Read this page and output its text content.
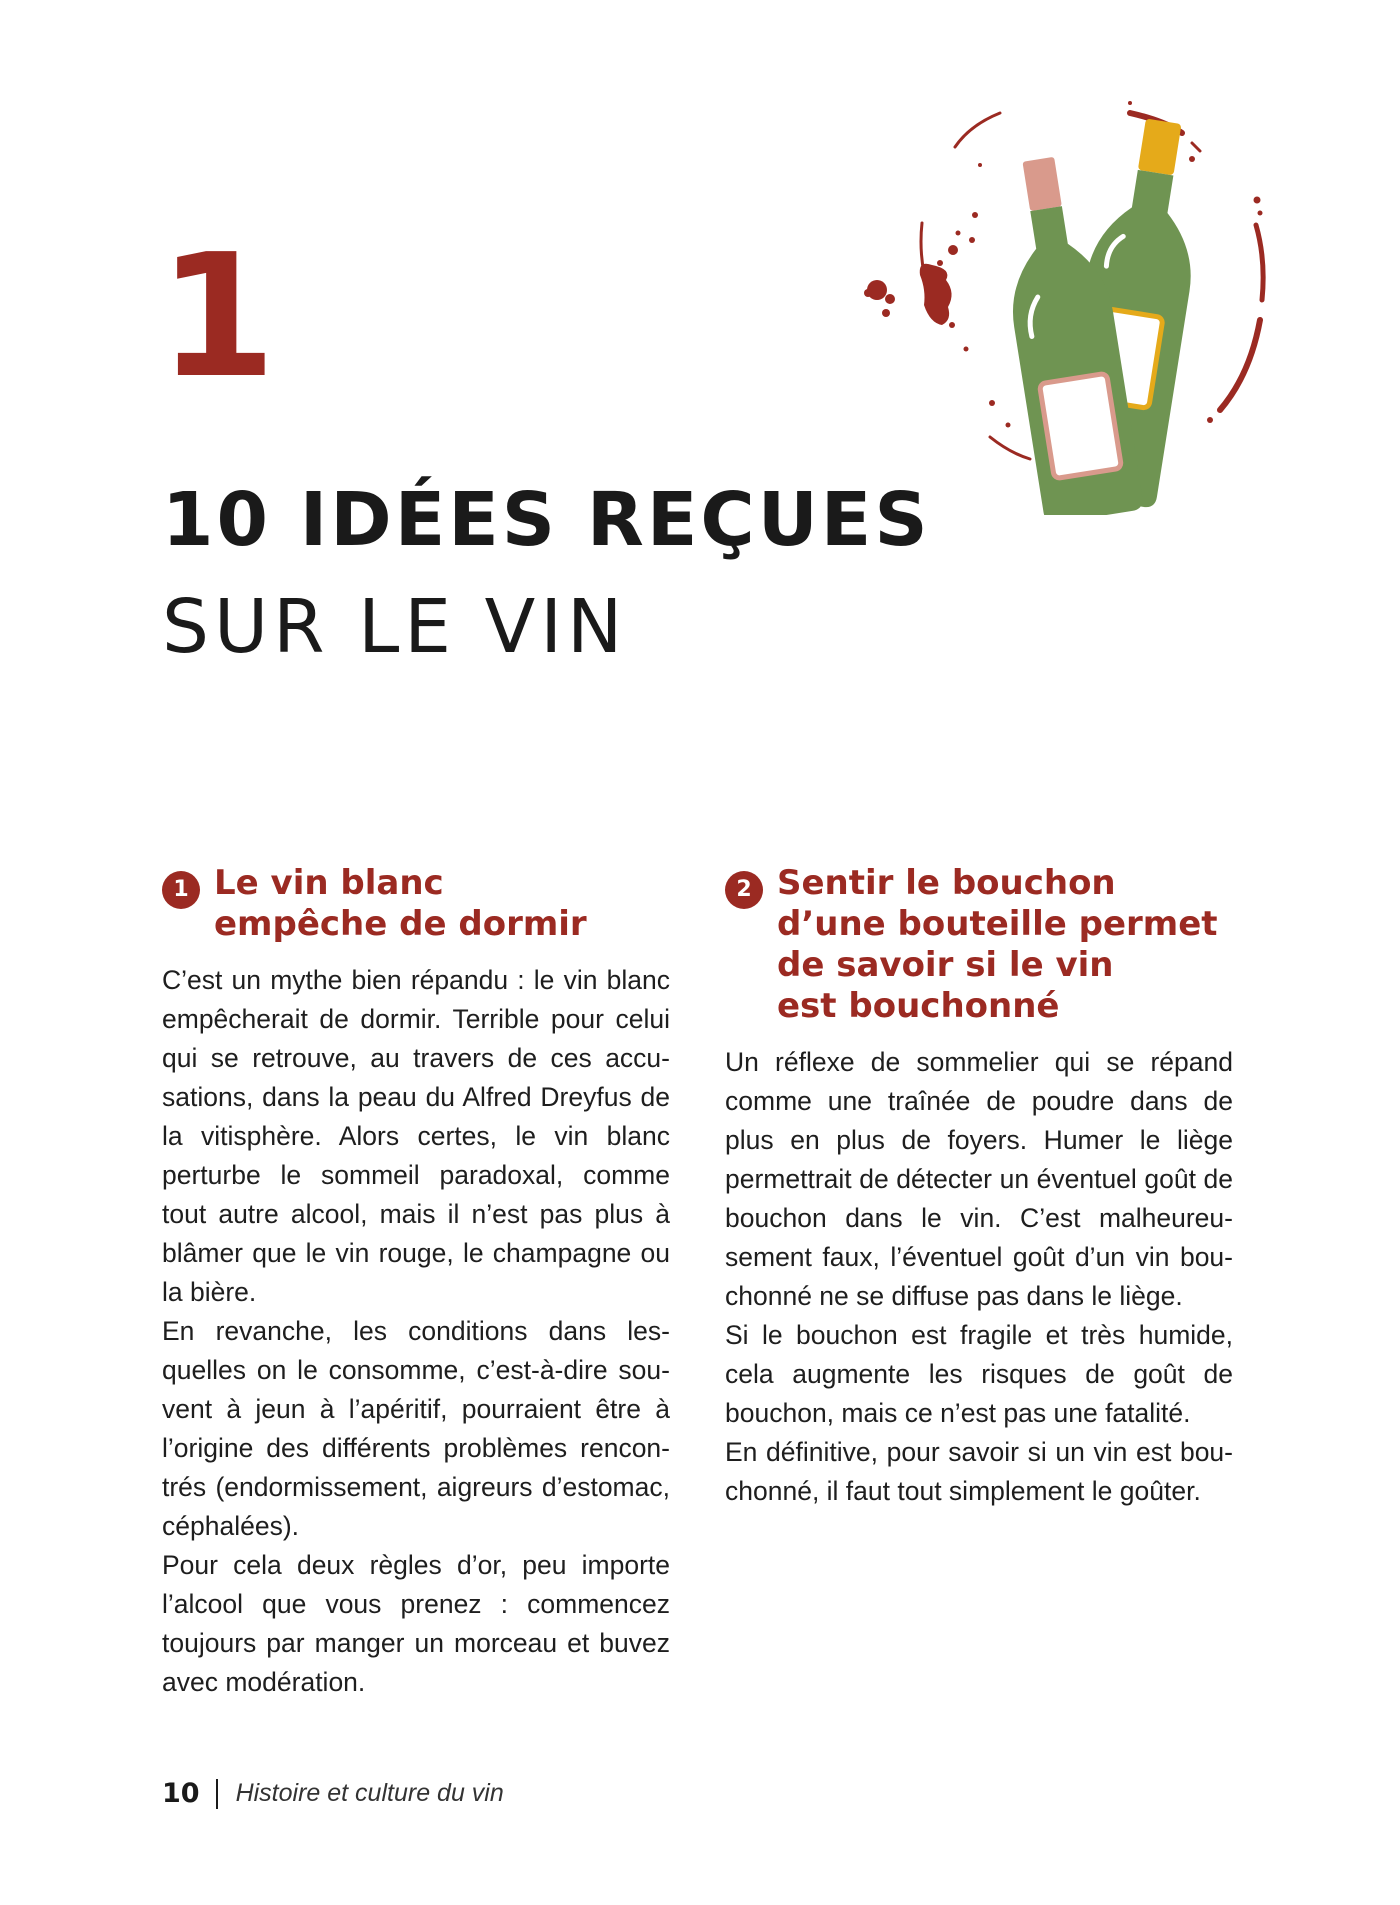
1
10 IDÉES REÇUES
SUR LE VIN
1 Le vin blanc
empêche de dormir

C’est un mythe bien répandu : le vin blanc empêcherait de dormir. Terrible pour celui qui se retrouve, au travers de ces accusations, dans la peau du Alfred Dreyfus de la vitisphère. Alors certes, le vin blanc perturbe le sommeil paradoxal, comme tout autre alcool, mais il n’est pas plus à blâmer que le vin rouge, le champagne ou la bière.

En revanche, les conditions dans lesquelles on le consomme, c’est-à-dire souvent à jeun à l’apéritif, pourraient être à l’origine des différents problèmes rencontrés (endormissement, aigreurs d’estomac, céphalées).

Pour cela deux règles d’or, peu importe l’alcool que vous prenez : commencez toujours par manger un morceau et buvez avec modération.

2 Sentir le bouchon
d’une bouteille permet
de savoir si le vin
est bouchonné

Un réflexe de sommelier qui se répand comme une traînée de poudre dans de plus en plus de foyers. Humer le liège permettrait de détecter un éventuel goût de bouchon dans le vin. C’est malheureusement faux, l’éventuel goût d’un vin bouchonné ne se diffuse pas dans le liège.

Si le bouchon est fragile et très humide, cela augmente les risques de goût de bouchon, mais ce n’est pas une fatalité.

En définitive, pour savoir si un vin est bouchonné, il faut tout simplement le goûter.

10 Histoire et culture du vin
